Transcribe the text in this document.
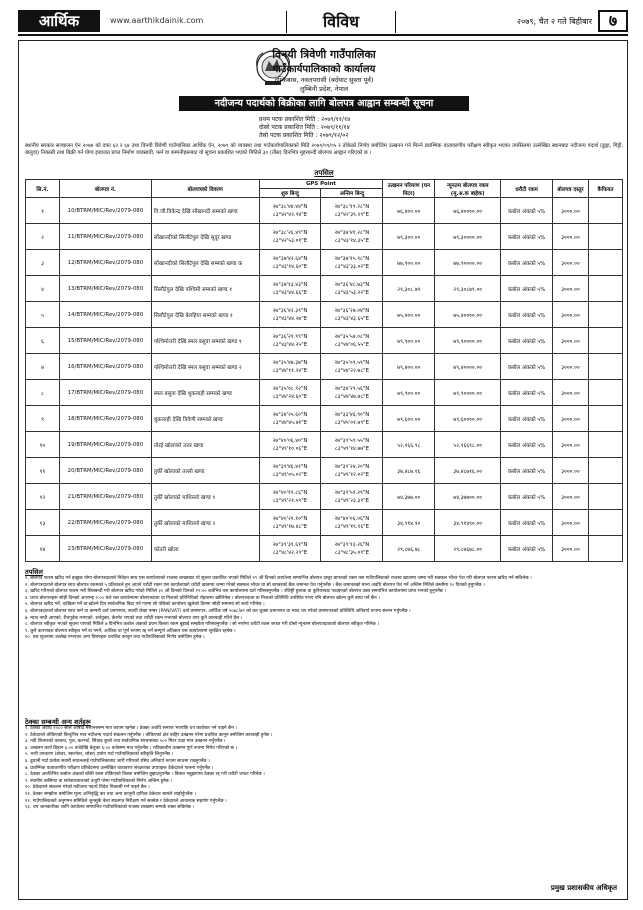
आर्थिक	www.aarthikdainik.com	विविध	२०७९, चैत २ गते बिहीबार	७
विनयी त्रिवेणी गाउँपालिका
गाउँकार्यपालिकाको कार्यालय
दुम्किबास, नवलपरासी (बर्दघाट सुस्ता पूर्व)
लुम्बिनी प्रदेश, नेपाल
नदीजन्य पदार्थको बिक्रीका लागि बोलपत्र आह्वान सम्बन्धी सूचना
प्रथम पटक प्रकाशित मिति : २०७९/११/१४
दोस्रो पटक प्रकाशित मिति : २०७९/११/१४
तेस्रो पटक प्रकाशित मिति : २०७९/१२/०२
स्थानीय सरकार सञ्चालन ऐन २०७४ को दफा ६२ र ६४ तथा विनयी त्रिवेणी गाउँपालिका आर्थिक ऐन, २०७९ को व्यवस्था तथा गाउँकार्यपालिकाको मिति २०७९/०९/०५ र तोकेको निर्णय बमोजिम उत्खनन गर्न मिल्ने प्रारम्भिक वातावरणीय परीक्षण स्वीकृत भएका तपसिलमा उल्लेखित स्थानबाट नदीजन्य पदार्थ (ढुङ्गा, गिट्टी, बालुवा) निकासी तथा बिक्री गर्न योग्य इजाजत प्राप्त निर्माण व्यवसायी, फर्म वा कम्पनीहरूबाट यो सूचना प्रकाशित भएको मितिले ३० (तीस) दिनभित्र मुहरबन्दी बोलपत्र आह्वान गरिएको छ ।
तपसिल
सि.नं.	बोलपत्र नं.	बोलपत्रको विवरण	GPS Point		उत्खनन परिमाण (घन मिटर)	न्यूनतम बोलपत्र रकम (मु.अ.क बाहेक)	धरौटी रकम	बोलपत्र दस्तुर	कैफियत
			शुरु बिन्दु	अन्तिम बिन्दु					
१	10/BTRM/MIC/Rev/2079-080	वि.जी.विकेन्द्र देखि सोंखानदी सम्मको खण्ड	२७°३८'४४.४४"N
८३°४२'४२.९४"E	२७°३८'१९.२८"N
८३°४२'३९.२९"E	७६,४००.००	७६,४००००.००	कबोल अंकको ५%	३०००.००	
२	11/BTRM/MIC/Rev/2079-080	सोंखानदीको सिलौटेपुल देखि सुदूर खण्ड	२७°३८'२६.४९"N
८३°४२'५३.०१"E	२७°३७'४१.२८"N
८३°४३'१४.३५"E	७९,३००.००	७९,३००००.००	कबोल अंकको ५%	३०००.००	
३	12/BTRM/MIC/Rev/2079-080	सोंखानदीको सिलौटेपुल देखि सम्मको खण्ड क	२७°३७'४२.६४"N
८३°४३'१४.६०"E	२७°३७'१५.९८"N
८३°४३'३३.०२"E	७७,९००.००	७७,९००००.००	कबोल अंकको ५%	३०००.००	
४	13/BTRM/MIC/Rev/2079-080	सिलौटेपुल देखि पश्चिमी सम्मको खण्ड १	२७°३७'१३.४३"N
८३°४३'४४.६६"E	२७°३६'४८.७३"N
८३°४३'५३.२२"E	२९,३०८.७९	२९,३०८७९.००	कबोल अंकको ५%	३०००.००	
५	14/BTRM/MIC/Rev/2079-080	सिलौटेपुल देखि बेलहिया सम्मको खण्ड १	२७°३६'४२.३९"N
८३°४३'४४.२७"E	२७°३६'२७.०४"N
८३°४३'४३.६५"E	७५,४००.००	७५,४००००.००	कबोल अंकको ५%	३०००.००	
६	15/BTRM/MIC/Rev/2079-080	पश्चिमोत्तरी देखि स्मल बसुवा सम्मको खण्ड १	२७°३६'२१.९९"N
८३°४३'४४.२५"E	२७°३५'५४.०८"N
८३°४४'०६.५५"E	७९,९००.००	७९,९००००.००	कबोल अंकको ५%	३०००.००	
७	16/BTRM/MIC/Rev/2079-080	पश्चिमोत्तरी देखि स्मल बसुवा सम्मको खण्ड २	२७°३५'४७.३७"N
८३°४४'११.२४"E	२७°३५'०९.५९"N
८३°४४'२२.७८"E	७९,४००.००	७९,४००००.००	कबोल अंकको ५%	३०००.००	
८	17/BTRM/MIC/Rev/2079-080	स्मल बसुवा देखि थुकलाही सम्मको खण्ड	२७°३५'०८.९२"N
८३°४४'२४.६०"E	२७°३४'२९.५६"N
८३°४४'४७.७८"E	७९,९००.००	७९,९००००.००	कबोल अंकको ५%	३०००.००	
९	18/BTRM/MIC/Rev/2079-080	थुकलाही देखि त्रिवेणी सम्मको खण्ड	२७°३४'२५.६०"N
८३°४४'४५.७१"E	२७°३३'४६.९०"N
८३°४५'०१.७९"E	७९,६००.००	७९,६००००.००	कबोल अंकको ५%	३०००.००	
१०	19/BTRM/MIC/Rev/2079-080	तोरई खोलाको उत्तर खण्ड	२७°४०'०६.४०"N
८३°४९'१०.०६"E	२७°३९'५९.५५"N
८३°४९'१४.७७"E	५२,१६६.९८	५२,१६६९८.००	कबोल अंकको ५%	३०००.००	
११	20/BTRM/MIC/Rev/2079-080	तुर्की खोलाको तल्लो खण्ड	२७°३९'४६.४१"N
८३°४९'०५.०२"E	२७°३९'२४.२०"N
८३°४९'१२.०२"E	३७,४८७.१६	३७,४८७१६.००	कबोल अंकको ५%	३०००.००	
१२	21/BTRM/MIC/Rev/2079-080	तुर्की खोलाको माथिल्लो खण्ड १	२७°४०'११.८६"N
८३°४९'२१.५९"E	२७°३९'५९.२९"N
८३°४९'२३.३९"E	७४,३७७.००	७४,३७७००.००	कबोल अंकको ५%	३०००.००	
१३	22/BTRM/MIC/Rev/2079-080	तुर्की खोलाको माथिल्लो खण्ड २	२७°४०'२१.१०"N
८३°४९'१७.४८"E	२७°४०'०६.०६"N
८३°४९'१९.९६"E	३४,९१४.९०	३४,९१४९०.००	कबोल अंकको ५%	३०००.००	
१४	23/BTRM/MIC/Rev/2079-080	कोतरी खोला	२७°३९'३१.६१"N
८३°४८'४२.२९"E	२७°३९'१३.२६"N
८३°४८'३५.०९"E	२९,८७६.७८	२९,८७६७८.००	कबोल अंकको ५%	३०००.००	
तपसिल

१. बोलपत्र फारम खरिद गर्न इच्छुक योग्य बोलपत्रदाताले निवेदन साथ यस कार्यालयको राजस्व शाखाबाट यो सूचना प्रकाशित भएको मितिले २९ औं दिनको कार्यालय समयभित्र बोलपत्र दस्तुर बापतको रकम यस गाउँपालिकाको राजस्व खातामा जम्मा गरी सक्कल भौचर पेश गरी बोलपत्र फारम खरिद गर्न सकिनेछ ।

२. बोलपत्रदाताले बोलपत्र साथ बोलपत्र रकमको ५ प्रतिशतले हुन आउने धरौटी रकम यस कार्यालयको धरौटी खातामा जम्मा गरेको सक्कल भौचर वा सो बराबरको बैंक जमानत पेश गर्नुपर्नेछ । बैंक जमानतको मान्य अवधि बोलपत्र पेश गर्ने अन्तिम मितिले कम्तीमा ९० दिनको हुनुपर्नेछ ।

३. खरिद गरिएको बोलपत्र फारम भरी सिलबन्दी गरी बोलपत्र खरिद गरेको मितिले ३० औं दिनको दिनको १२:०० बजेभित्र यस कार्यालयमा दर्ता गरिसक्नुपर्नेछ । रजिष्ट्री हुलाक वा कुरियरबाट पठाइएको बोलपत्र उक्त समयभित्र कार्यालयमा प्राप्त भएको हुनुपर्नेछ ।

४. प्राप्त बोलपत्रहरू सोही दिनको अपरान्ह २:०० बजे यस कार्यालयमा बोलपत्रदाता वा निजको प्रतिनिधिको रोहवरमा खोलिनेछ । बोलपत्रदाता वा निजको प्रतिनिधि उपस्थित नभए पनि बोलपत्र खोल्न कुनै बाधा पर्ने छैन ।

५. बोलपत्र खरिद गर्ने, दाखिला गर्ने वा खोल्ने दिन सार्वजनिक बिदा पर्न गएमा सो पछिको कार्यालय खुलेको दिनमा सोही समयमा सो कार्य गरिनेछ ।

६. बोलपत्रदाताले बोलपत्र साथ फर्म वा कम्पनी दर्ता प्रमाणपत्र, स्थायी लेखा नम्बर (PAN/VAT) दर्ता प्रमाणपत्र, आर्थिक वर्ष २०७८/७९ को कर चुक्ता प्रमाणपत्र वा म्याद थप गरेको प्रमाणपत्रको प्रतिलिपि अनिवार्य रूपमा संलग्न गर्नुपर्नेछ ।

७. म्याद नाघी आएको, रीतपूर्वक नभएको, शर्तयुक्त, केरमेट भएको तथा धरौटी रकम नभएको बोलपत्र उपर कुनै कारबाही गरिने छैन ।

८. बोलपत्र स्वीकृत भएको सूचना पाएको मितिले ७ दिनभित्र कबोल अंकको प्रथम किस्ता रकम बुझाई सम्झौता गरिसक्नुपर्नेछ । सो नगरेमा धरौटी रकम जफत गरी दोस्रो न्यूनतम बोलपत्रदाताको बोलपत्र स्वीकृत गरिनेछ ।

९. कुनै कारणवश बोलपत्र स्वीकृत गर्ने वा नगर्ने, आंशिक वा पूर्ण रूपमा रद्द गर्ने सम्पूर्ण अधिकार यस कार्यालयमा सुरक्षित रहनेछ ।

१०. यस सूचनामा उल्लेख नभएका अन्य विषयहरू प्रचलित कानून तथा गाउँपालिकाको निर्णय बमोजिम हुनेछ ।

ठेक्का सम्बन्धी अन्य शर्तहरू

१. ठेक्का अवधि २०८० साल आषाढ मसान्तसम्म मात्र कायम रहनेछ । ठेक्का अवधि समाप्त भएपछि थप कारोबार गर्न पाइने छैन ।

२. ठेकेदारले तोकिएको बिन्दुभित्र मात्र नदीजन्य पदार्थ संकलन गर्नुपर्नेछ । तोकिएको क्षेत्र बाहिर उत्खनन गरेमा प्रचलित कानून बमोजिम कारबाही हुनेछ ।

३. नदी किनारको तटबन्ध, पुल, कल्भर्ट, सिंचाइ कुलो तथा सार्वजनिक संरचनाबाट ५०० मिटर टाढा मात्र उत्खनन गर्नुपर्नेछ ।

४. उत्खनन कार्य बिहान ६:०० बजेदेखि बेलुका ६:०० बजेसम्म मात्र गर्नुपर्नेछ । रात्रिकालीन उत्खनन पूर्ण रूपमा निषेध गरिएको छ ।

५. भारी उपकरण (डोजर, स्काभेटर, लोडर) प्रयोग गर्दा गाउँपालिकाको स्वीकृति लिनुपर्नेछ ।

६. ढुवानी गर्दा प्रत्येक सवारी साधनलाई गाउँपालिकाबाट जारी गरिएको रसिद अनिवार्य रूपमा साथमा राख्नुपर्नेछ ।

७. प्रारम्भिक वातावरणीय परीक्षण प्रतिवेदनमा उल्लेखित वातावरण संरक्षणका उपायहरू ठेकेदारले पालना गर्नुपर्नेछ ।

८. ठेक्का अवधिभित्र कबोल अंकको बाँकी रकम तोकिएको किस्ता बमोजिम बुझाउनुपर्नेछ । किस्ता नबुझाएमा ठेक्का रद्द गरी धरौटी जफत गरिनेछ ।

९. स्थानीय बासिन्दा वा सरोकारवालाको उजुरी परेमा गाउँपालिकाको निर्णय अन्तिम हुनेछ ।

१०. ठेकेदारले संकलन गरेको नदीजन्य पदार्थ विदेश निकासी गर्न पाइने छैन ।

११. ठेक्का सम्झौता बमोजिम मूल्य अभिवृद्धि कर तथा अन्य कानूनी दायित्व ठेकेदार स्वयंले व्यहोर्नुपर्नेछ ।

१२. गाउँपालिकाको अनुगमन समितिले जुनसुकै बेला स्थलगत निरीक्षण गर्न सक्नेछ र ठेकेदारले आवश्यक सहयोग गर्नुपर्नेछ ।

१३. थप जानकारीका लागि कार्यालय समयभित्र गाउँपालिकाको राजस्व शाखामा सम्पर्क राख्न सकिनेछ ।

प्रमुख प्रशासकीय अधिकृत
